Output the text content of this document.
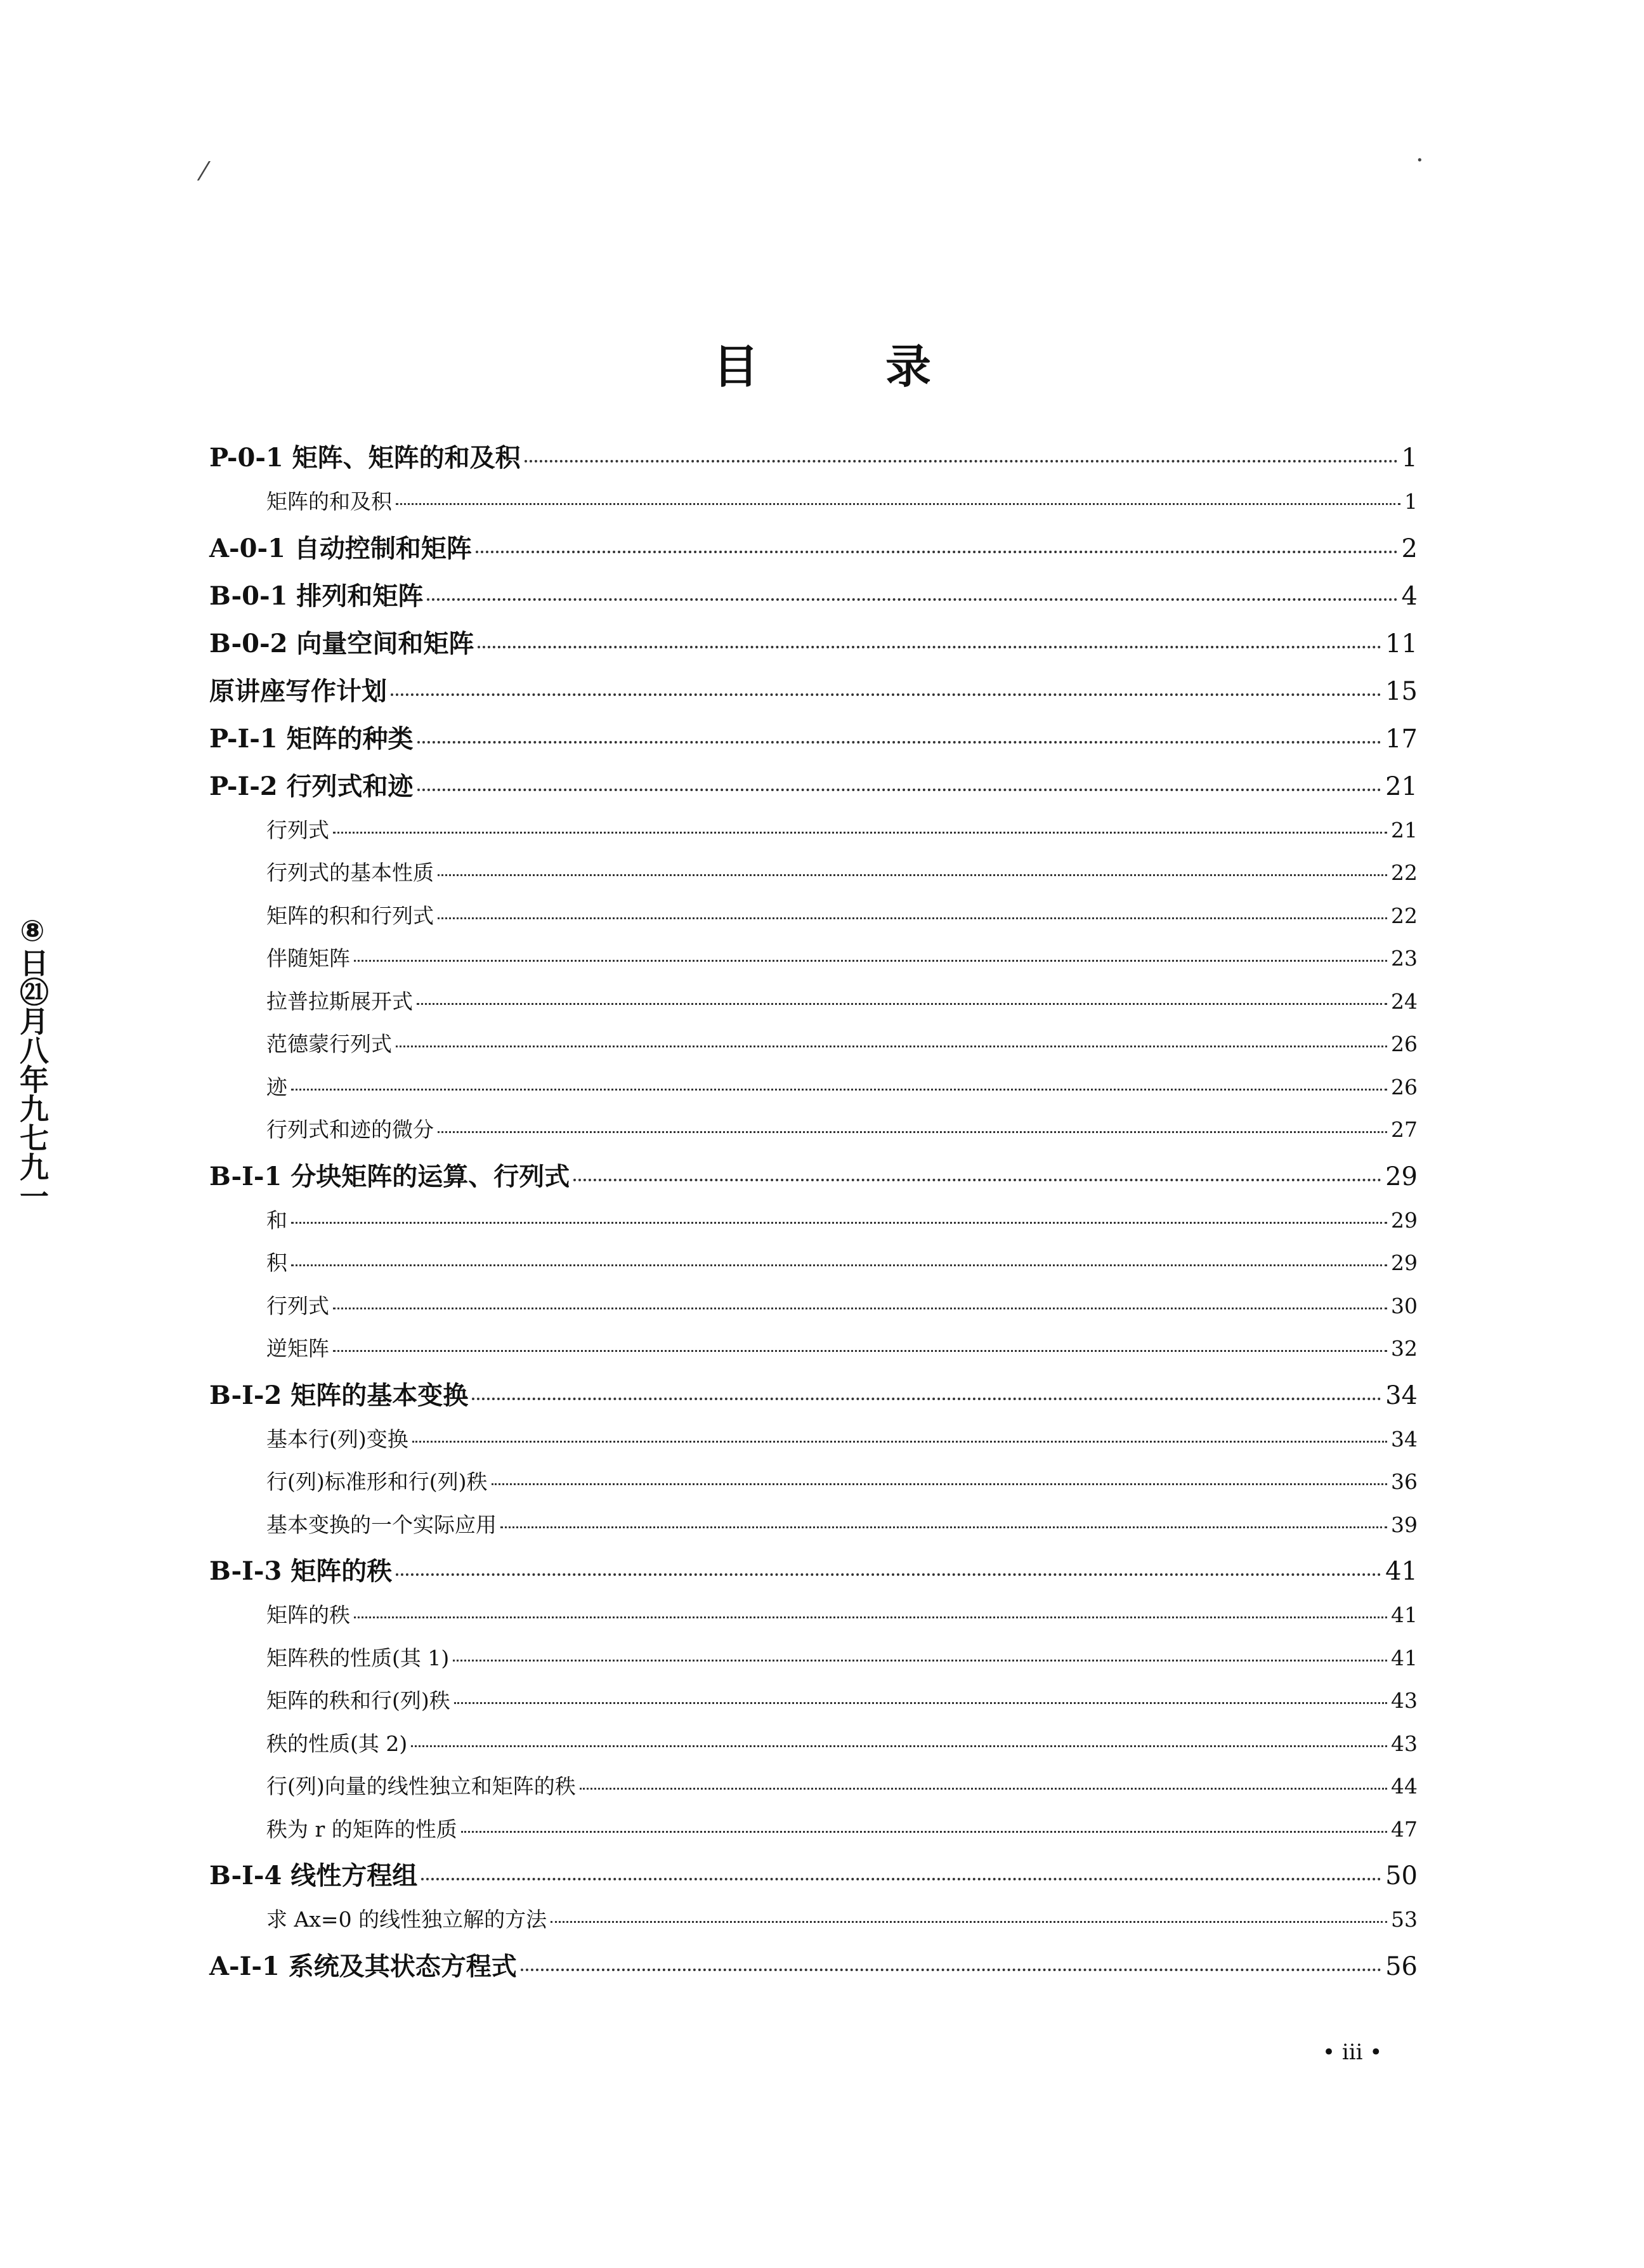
⁄	·
⑧日㉑月八年九七九一
目	录
P-0-1 矩阵、矩阵的和及积	1
矩阵的和及积	1
A-0-1 自动控制和矩阵	2
B-0-1 排列和矩阵	4
B-0-2 向量空间和矩阵	11
原讲座写作计划	15
P-I-1 矩阵的种类	17
P-I-2 行列式和迹	21
行列式	21
行列式的基本性质	22
矩阵的积和行列式	22
伴随矩阵	23
拉普拉斯展开式	24
范德蒙行列式	26
迹	26
行列式和迹的微分	27
B-I-1 分块矩阵的运算、行列式	29
和	29
积	29
行列式	30
逆矩阵	32
B-I-2 矩阵的基本变换	34
基本行(列)变换	34
行(列)标准形和行(列)秩	36
基本变换的一个实际应用	39
B-I-3 矩阵的秩	41
矩阵的秩	41
矩阵秩的性质(其 1)	41
矩阵的秩和行(列)秩	43
秩的性质(其 2)	43
行(列)向量的线性独立和矩阵的秩	44
秩为 r 的矩阵的性质	47
B-I-4 线性方程组	50
求 Ax=0 的线性独立解的方法	53
A-I-1 系统及其状态方程式	56
• iii •
